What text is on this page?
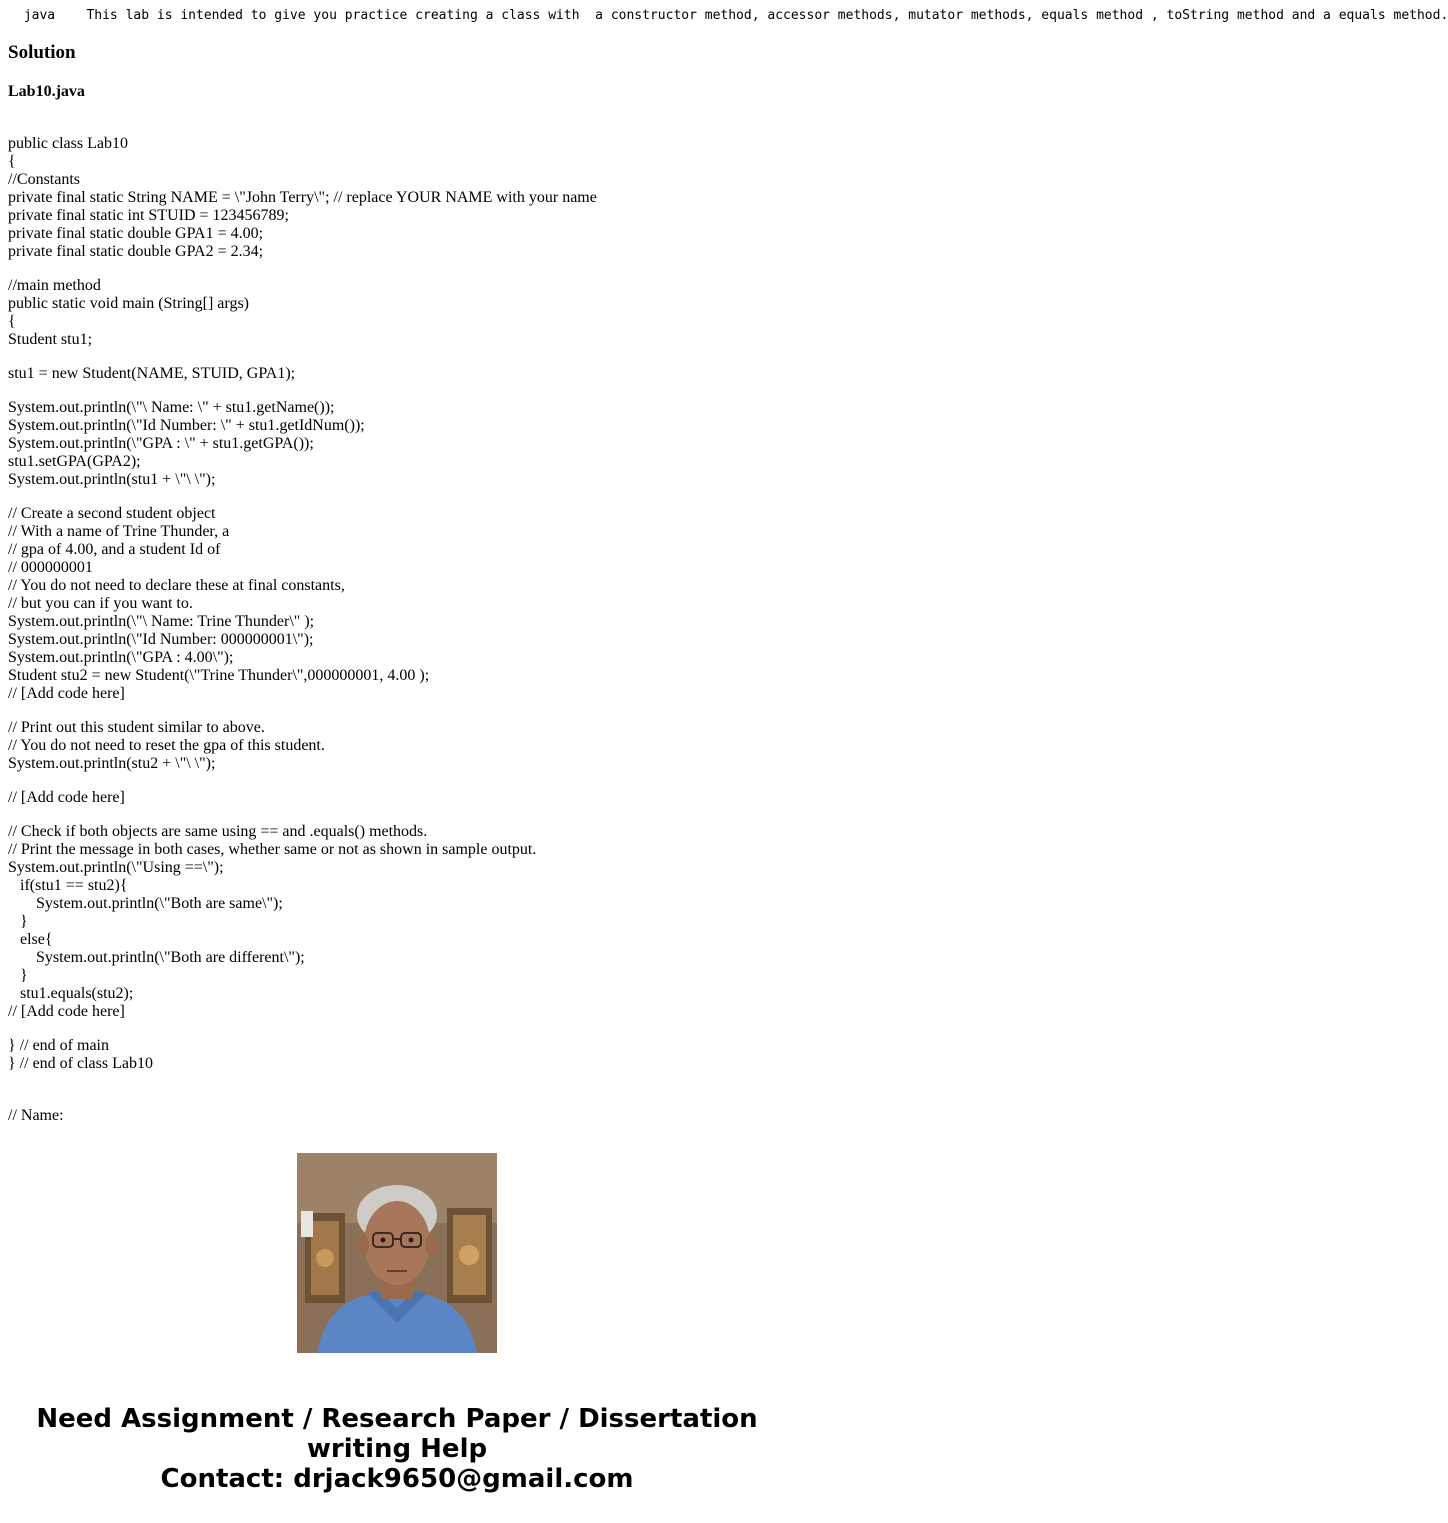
java    This lab is intended to give you practice creating a class with  a constructor method, accessor methods, mutator methods, equals method , toString method and a equals method.
Solution
Lab10.java
public class Lab10
{
//Constants
private final static String NAME = \"John Terry\"; // replace YOUR NAME with your name
private final static int STUID = 123456789;
private final static double GPA1 = 4.00;
private final static double GPA2 = 2.34;
//main method
public static void main (String[] args)
{
Student stu1;
stu1 = new Student(NAME, STUID, GPA1);
System.out.println(\"\ Name: \" + stu1.getName());
System.out.println(\"Id Number: \" + stu1.getIdNum());
System.out.println(\"GPA : \" + stu1.getGPA());
stu1.setGPA(GPA2);
System.out.println(stu1 + \"\ \");
// Create a second student object
// With a name of Trine Thunder, a
// gpa of 4.00, and a student Id of
// 000000001
// You do not need to declare these at final constants,
// but you can if you want to.
System.out.println(\"\ Name: Trine Thunder\" );
System.out.println(\"Id Number: 000000001\");
System.out.println(\"GPA : 4.00\");
Student stu2 = new Student(\"Trine Thunder\",000000001, 4.00 );
// [Add code here]
// Print out this student similar to above.
// You do not need to reset the gpa of this student.
System.out.println(stu2 + \"\ \");
// [Add code here]
// Check if both objects are same using == and .equals() methods.
// Print the message in both cases, whether same or not as shown in sample output.
System.out.println(\"Using ==\");
if(stu1 == stu2){
System.out.println(\"Both are same\");
}
else{
System.out.println(\"Both are different\");
}
stu1.equals(stu2);
// [Add code here]
} // end of main
} // end of class Lab10
// Name:
Need Assignment / Research Paper / Dissertation
writing Help
Contact: drjack9650@gmail.com
